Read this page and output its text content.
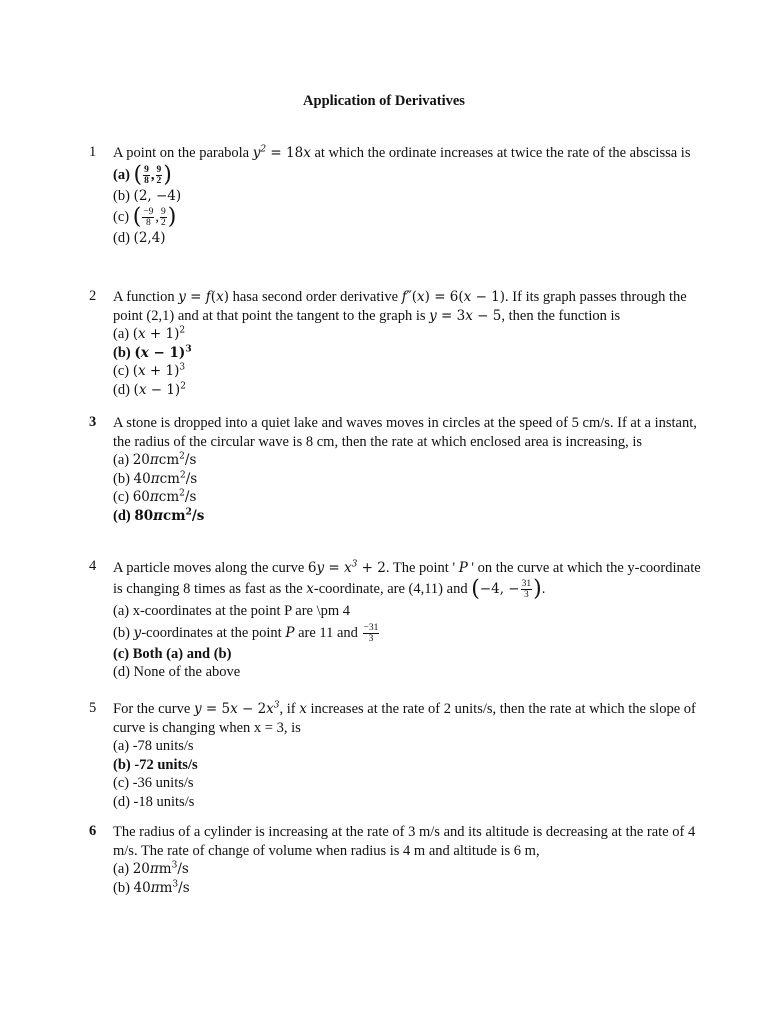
Application of Derivatives
1	A point on the parabola $y^2 = 18x$ at which the ordinate increases at twice the rate of the abscissa is
(a) ( $\frac{9}{8}$ , $\frac{9}{2}$ )
(b) (2, −4)
(c) ( $\frac{-9}{8}$ , $\frac{9}{2}$ )
(d) (2,4)
2	A function y = f(x) hasa second order derivative f″(x) = 6(x − 1). If its graph passes through the point (2,1) and at that point the tangent to the graph is y = 3x − 5, then the function is
(a) $(x + 1)^2$
(b) $(x - 1)^3$
(c) $(x + 1)^3$
(d) $(x - 1)^2$
3	A stone is dropped into a quiet lake and waves moves in circles at the speed of 5 cm/s. If at a instant, the radius of the circular wave is 8 cm, then the rate at which enclosed area is increasing, is
(a) 20πcm$^2$/s
(b) 40πcm$^2$/s
(c) 60πcm$^2$/s
(d) 80πcm$^2$/s
4	A particle moves along the curve $6y = x^3 + 2$. The point ' P ' on the curve at which the y-coordinate is changing 8 times as fast as the x-coordinate, are (4,11) and (−4, − $\frac{31}{3}$ ).
(a) x-coordinates at the point P are \pm 4
(b) y-coordinates at the point P are 11 and $\frac{-31}{3}$
(c) Both (a) and (b)
(d) None of the above
5	For the curve $y = 5x - 2x^3$, if x increases at the rate of 2 units/s, then the rate at which the slope of curve is changing when x = 3, is
(a) -78 units/s
(b) -72 units/s
(c) -36 units/s
(d) -18 units/s
6	The radius of a cylinder is increasing at the rate of 3 m/s and its altitude is decreasing at the rate of 4 m/s. The rate of change of volume when radius is 4 m and altitude is 6 m,
(a) $20\pi m^3/s$
(b) $40\pi m^3/s$
